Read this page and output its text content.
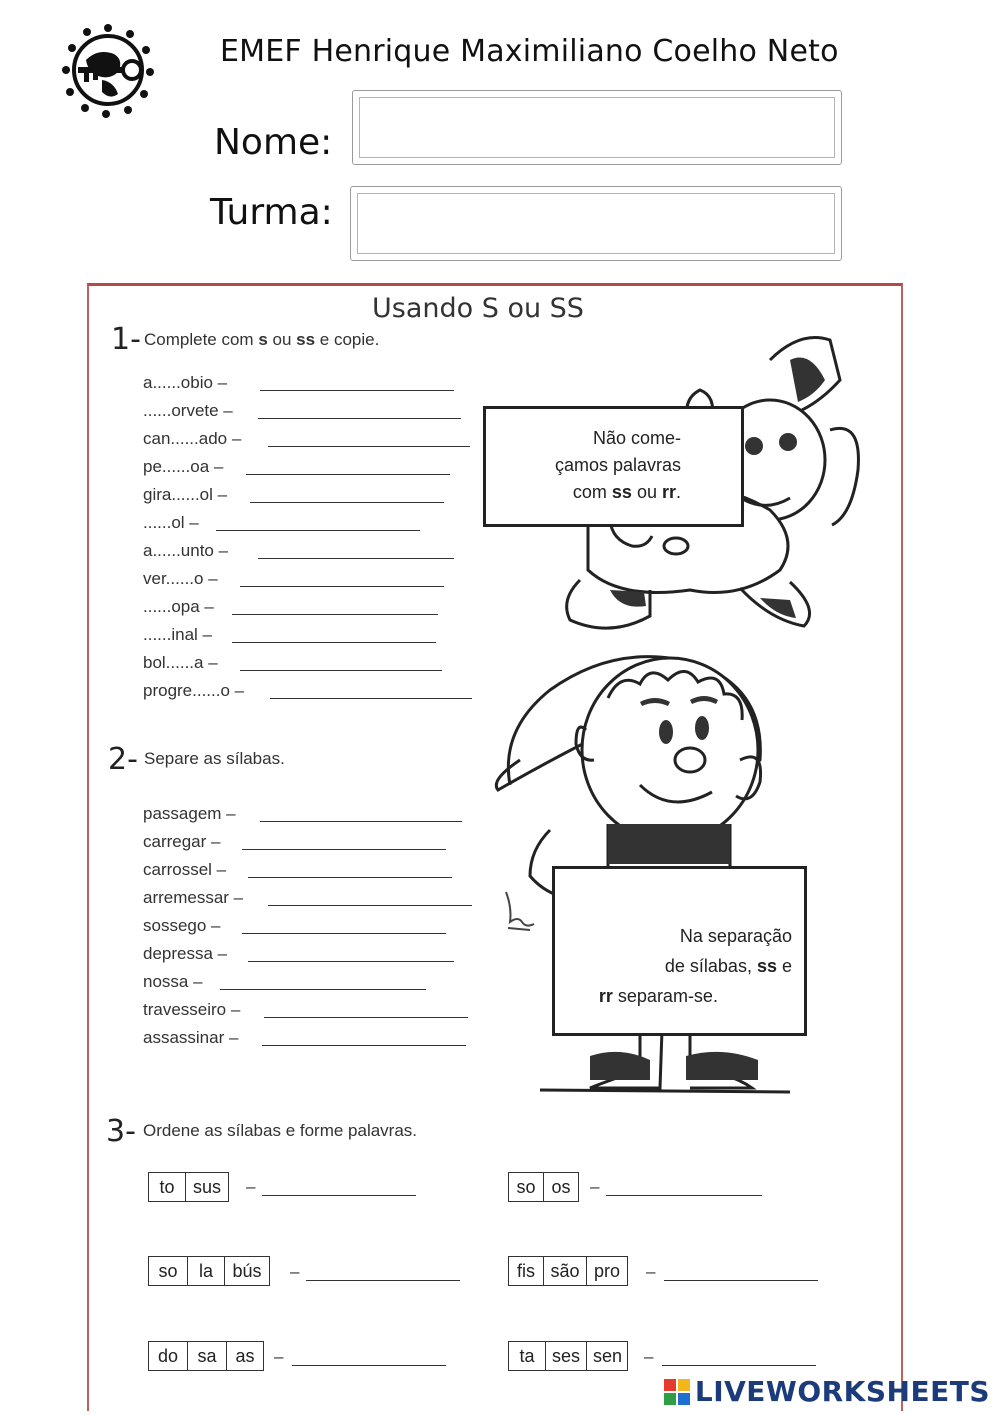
EMEF Henrique Maximiliano Coelho Neto
Nome:
Turma:
Usando S ou SS
1- Complete com s ou ss e copie.
a......obio –
......orvete –
can......ado –
pe......oa –
gira......ol –
......ol –
a......unto –
ver......o –
......opa –
......inal –
bol......a –
progre......o –
2- Separe as sílabas.
passagem –
carregar –
carrossel –
arremessar –
sossego –
depressa –
nossa –
travesseiro –
assassinar –
Não come-
çamos palavras
com ss ou rr.
Na separação
de sílabas, ss e
rr separam-se.
3- Ordene as sílabas e forme palavras.
to	sus	–	so os	–
so	la	bús	–	fis são pro	–
do	sa	as	–	ta ses sen –
LIVEWORKSHEETS
